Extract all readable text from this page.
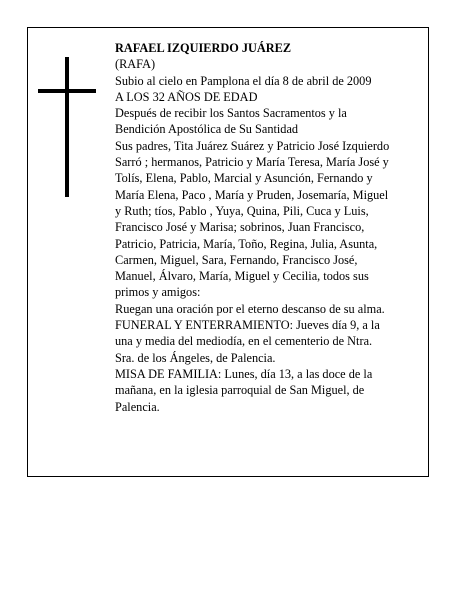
RAFAEL IZQUIERDO JUÁREZ
(RAFA)
Subio al cielo en Pamplona el día 8 de abril de 2009
A LOS 32 AÑOS DE EDAD
Después de recibir los Santos Sacramentos y la
Bendición Apostólica de Su Santidad
Sus padres, Tita Juárez Suárez y Patricio José Izquierdo
Sarró ; hermanos, Patricio y María Teresa, María José y
Tolís, Elena, Pablo, Marcial y Asunción, Fernando y
María Elena, Paco , María y Pruden, Josemaría, Miguel
y Ruth; tíos, Pablo , Yuya, Quina, Pili, Cuca y Luis,
Francisco José y Marisa; sobrinos, Juan Francisco,
Patricio, Patricia, María, Toño, Regina, Julia, Asunta,
Carmen, Miguel, Sara, Fernando, Francisco José,
Manuel, Álvaro, María, Miguel y Cecilia, todos sus
primos y amigos:
Ruegan una oración por el eterno descanso de su alma.
FUNERAL Y ENTERRAMIENTO: Jueves día 9, a la
una y media del mediodía, en el cementerio de Ntra.
Sra. de los Ángeles, de Palencia.
MISA DE FAMILIA: Lunes, día 13, a las doce de la
mañana, en la iglesia parroquial de San Miguel, de
Palencia.
